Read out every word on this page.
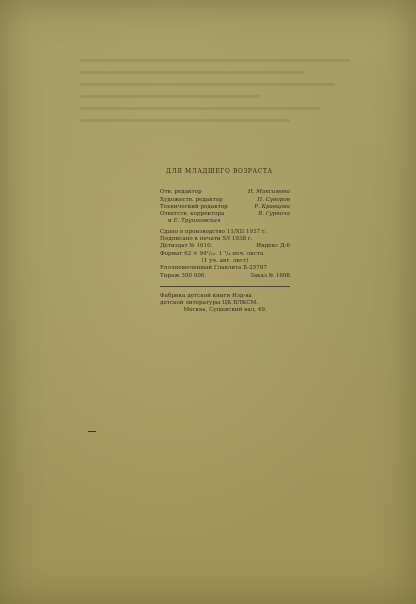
ДЛЯ МЛАДШЕГО ВОЗРАСТА
Отв. редактор	Н. Максимова
Художеств. редактор	П. Суворов
Технический редактор	Р. Кравцова
Ответств. корректора	В. Гурвича
и
Е. Трушковская
Сдано в производство 11/XII 1937 г.
Подписано к печати 5/I 1938 г.
Детиздат № 1610.	Индекс Д-6
Формат 62 × 94¹/₁₆. 1 ¹/₄ печ. листа
(1 уч. авт. лист)
Уполномоченный Главлита Б-25707
Тираж 300 000.	Заказ № 1608
Фабрика детской книги Изд-ва
детской литературы ЦК ВЛКСМ.
Москва, Сущевский вал, 49.
